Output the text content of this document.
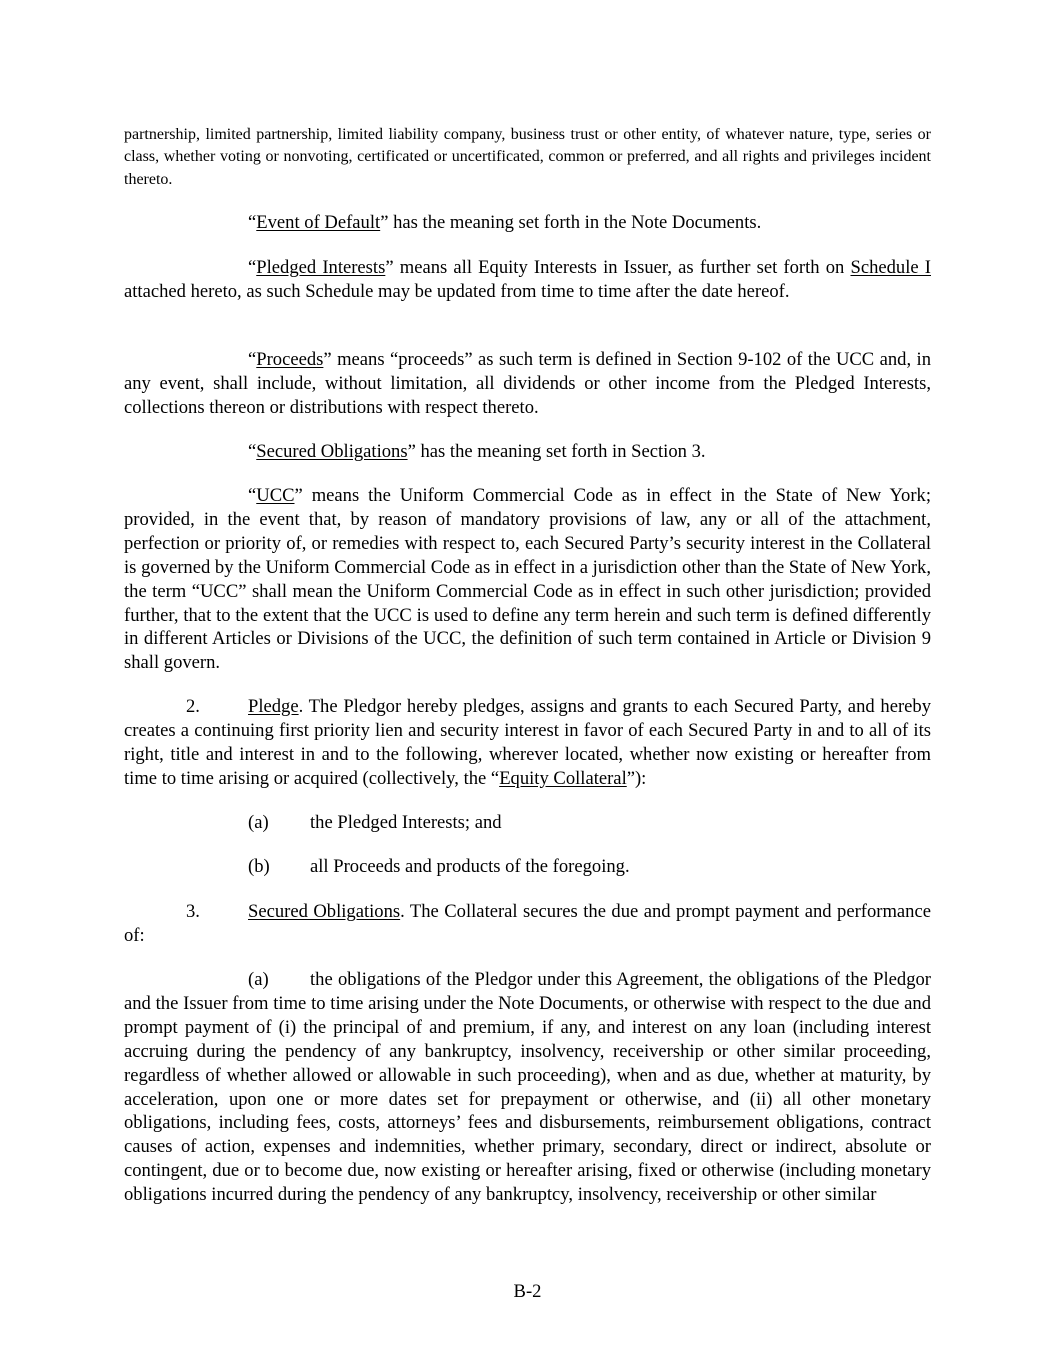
partnership, limited partnership, limited liability company, business trust or other entity, of whatever nature, type, series or class, whether voting or nonvoting, certificated or uncertificated, common or preferred, and all rights and privileges incident thereto.

“Event of Default” has the meaning set forth in the Note Documents.

“Pledged Interests” means all Equity Interests in Issuer, as further set forth on Schedule I attached hereto, as such Schedule may be updated from time to time after the date hereof.

“Proceeds” means “proceeds” as such term is defined in Section 9-102 of the UCC and, in any event, shall include, without limitation, all dividends or other income from the Pledged Interests, collections thereon or distributions with respect thereto.

“Secured Obligations” has the meaning set forth in Section 3.

“UCC” means the Uniform Commercial Code as in effect in the State of New York; provided, in the event that, by reason of mandatory provisions of law, any or all of the attachment, perfection or priority of, or remedies with respect to, each Secured Party’s security interest in the Collateral is governed by the Uniform Commercial Code as in effect in a jurisdiction other than the State of New York, the term “UCC” shall mean the Uniform Commercial Code as in effect in such other jurisdiction; provided further, that to the extent that the UCC is used to define any term herein and such term is defined differently in different Articles or Divisions of the UCC, the definition of such term contained in Article or Division 9 shall govern.

2.	Pledge. The Pledgor hereby pledges, assigns and grants to each Secured Party, and hereby creates a continuing first priority lien and security interest in favor of each Secured Party in and to all of its right, title and interest in and to the following, wherever located, whether now existing or hereafter from time to time arising or acquired (collectively, the “Equity Collateral”):

(a) the Pledged Interests; and

(b) all Proceeds and products of the foregoing.

3.	Secured Obligations. The Collateral secures the due and prompt payment and performance of:

(a) the obligations of the Pledgor under this Agreement, the obligations of the Pledgor and the Issuer from time to time arising under the Note Documents, or otherwise with respect to the due and prompt payment of (i) the principal of and premium, if any, and interest on any loan (including interest accruing during the pendency of any bankruptcy, insolvency, receivership or other similar proceeding, regardless of whether allowed or allowable in such proceeding), when and as due, whether at maturity, by acceleration, upon one or more dates set for prepayment or otherwise, and (ii) all other monetary obligations, including fees, costs, attorneys’ fees and disbursements, reimbursement obligations, contract causes of action, expenses and indemnities, whether primary, secondary, direct or indirect, absolute or contingent, due or to become due, now existing or hereafter arising, fixed or otherwise (including monetary obligations incurred during the pendency of any bankruptcy, insolvency, receivership or other similar

B-2
